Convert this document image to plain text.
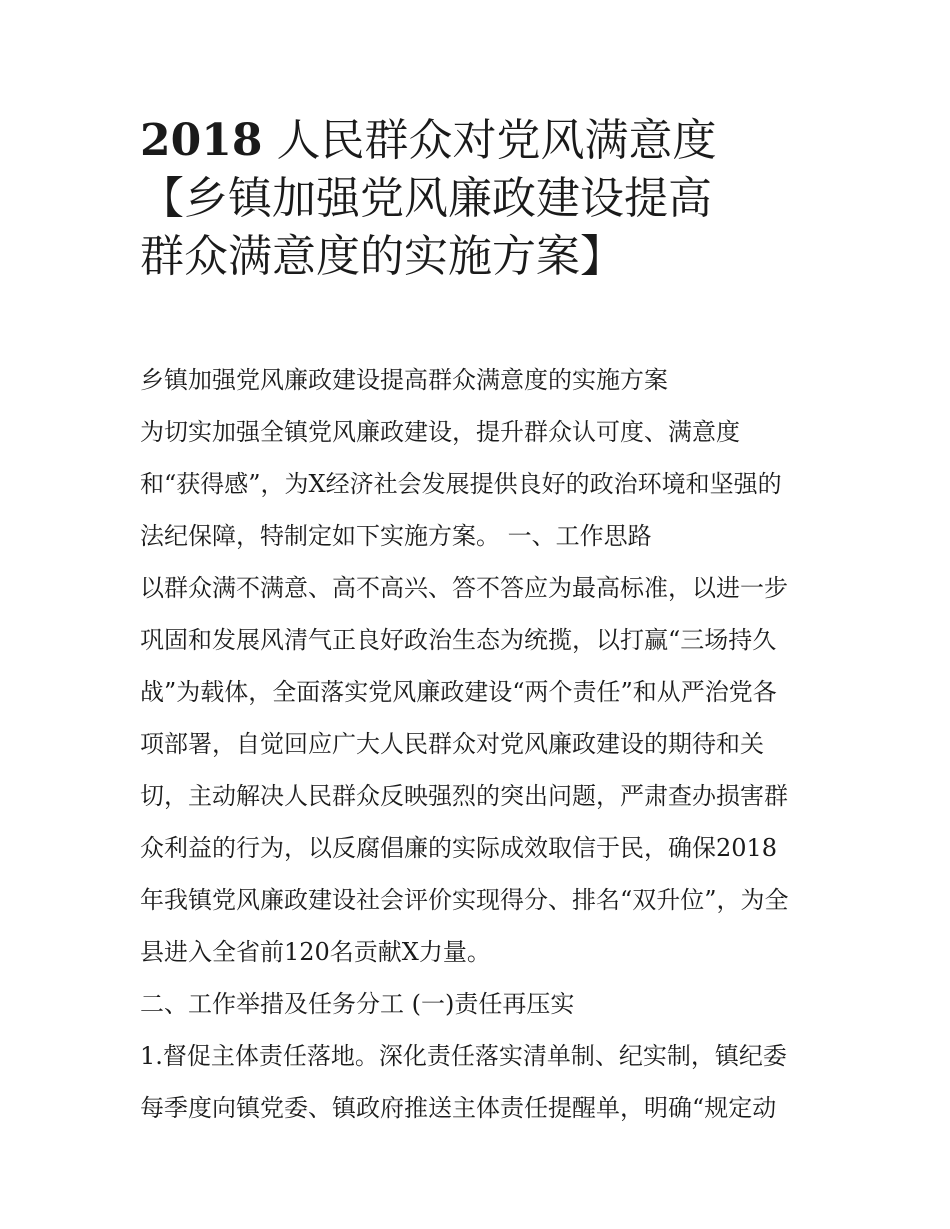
2018 人民群众对党风满意度
【乡镇加强党风廉政建设提高
群众满意度的实施方案】
乡镇加强党风廉政建设提高群众满意度的实施方案
为切实加强全镇党风廉政建设，提升群众认可度、满意度
和“获得感”，为X经济社会发展提供良好的政治环境和坚强的
法纪保障，特制定如下实施方案。 一、工作思路
以群众满不满意、高不高兴、答不答应为最高标准，以进一步
巩固和发展风清气正良好政治生态为统揽，以打赢“三场持久
战”为载体，全面落实党风廉政建设“两个责任”和从严治党各
项部署，自觉回应广大人民群众对党风廉政建设的期待和关
切，主动解决人民群众反映强烈的突出问题，严肃查办损害群
众利益的行为，以反腐倡廉的实际成效取信于民，确保2018
年我镇党风廉政建设社会评价实现得分、排名“双升位”，为全
县进入全省前120名贡献X力量。
二、工作举措及任务分工 (一)责任再压实
1.督促主体责任落地。深化责任落实清单制、纪实制，镇纪委
每季度向镇党委、镇政府推送主体责任提醒单，明确“规定动
